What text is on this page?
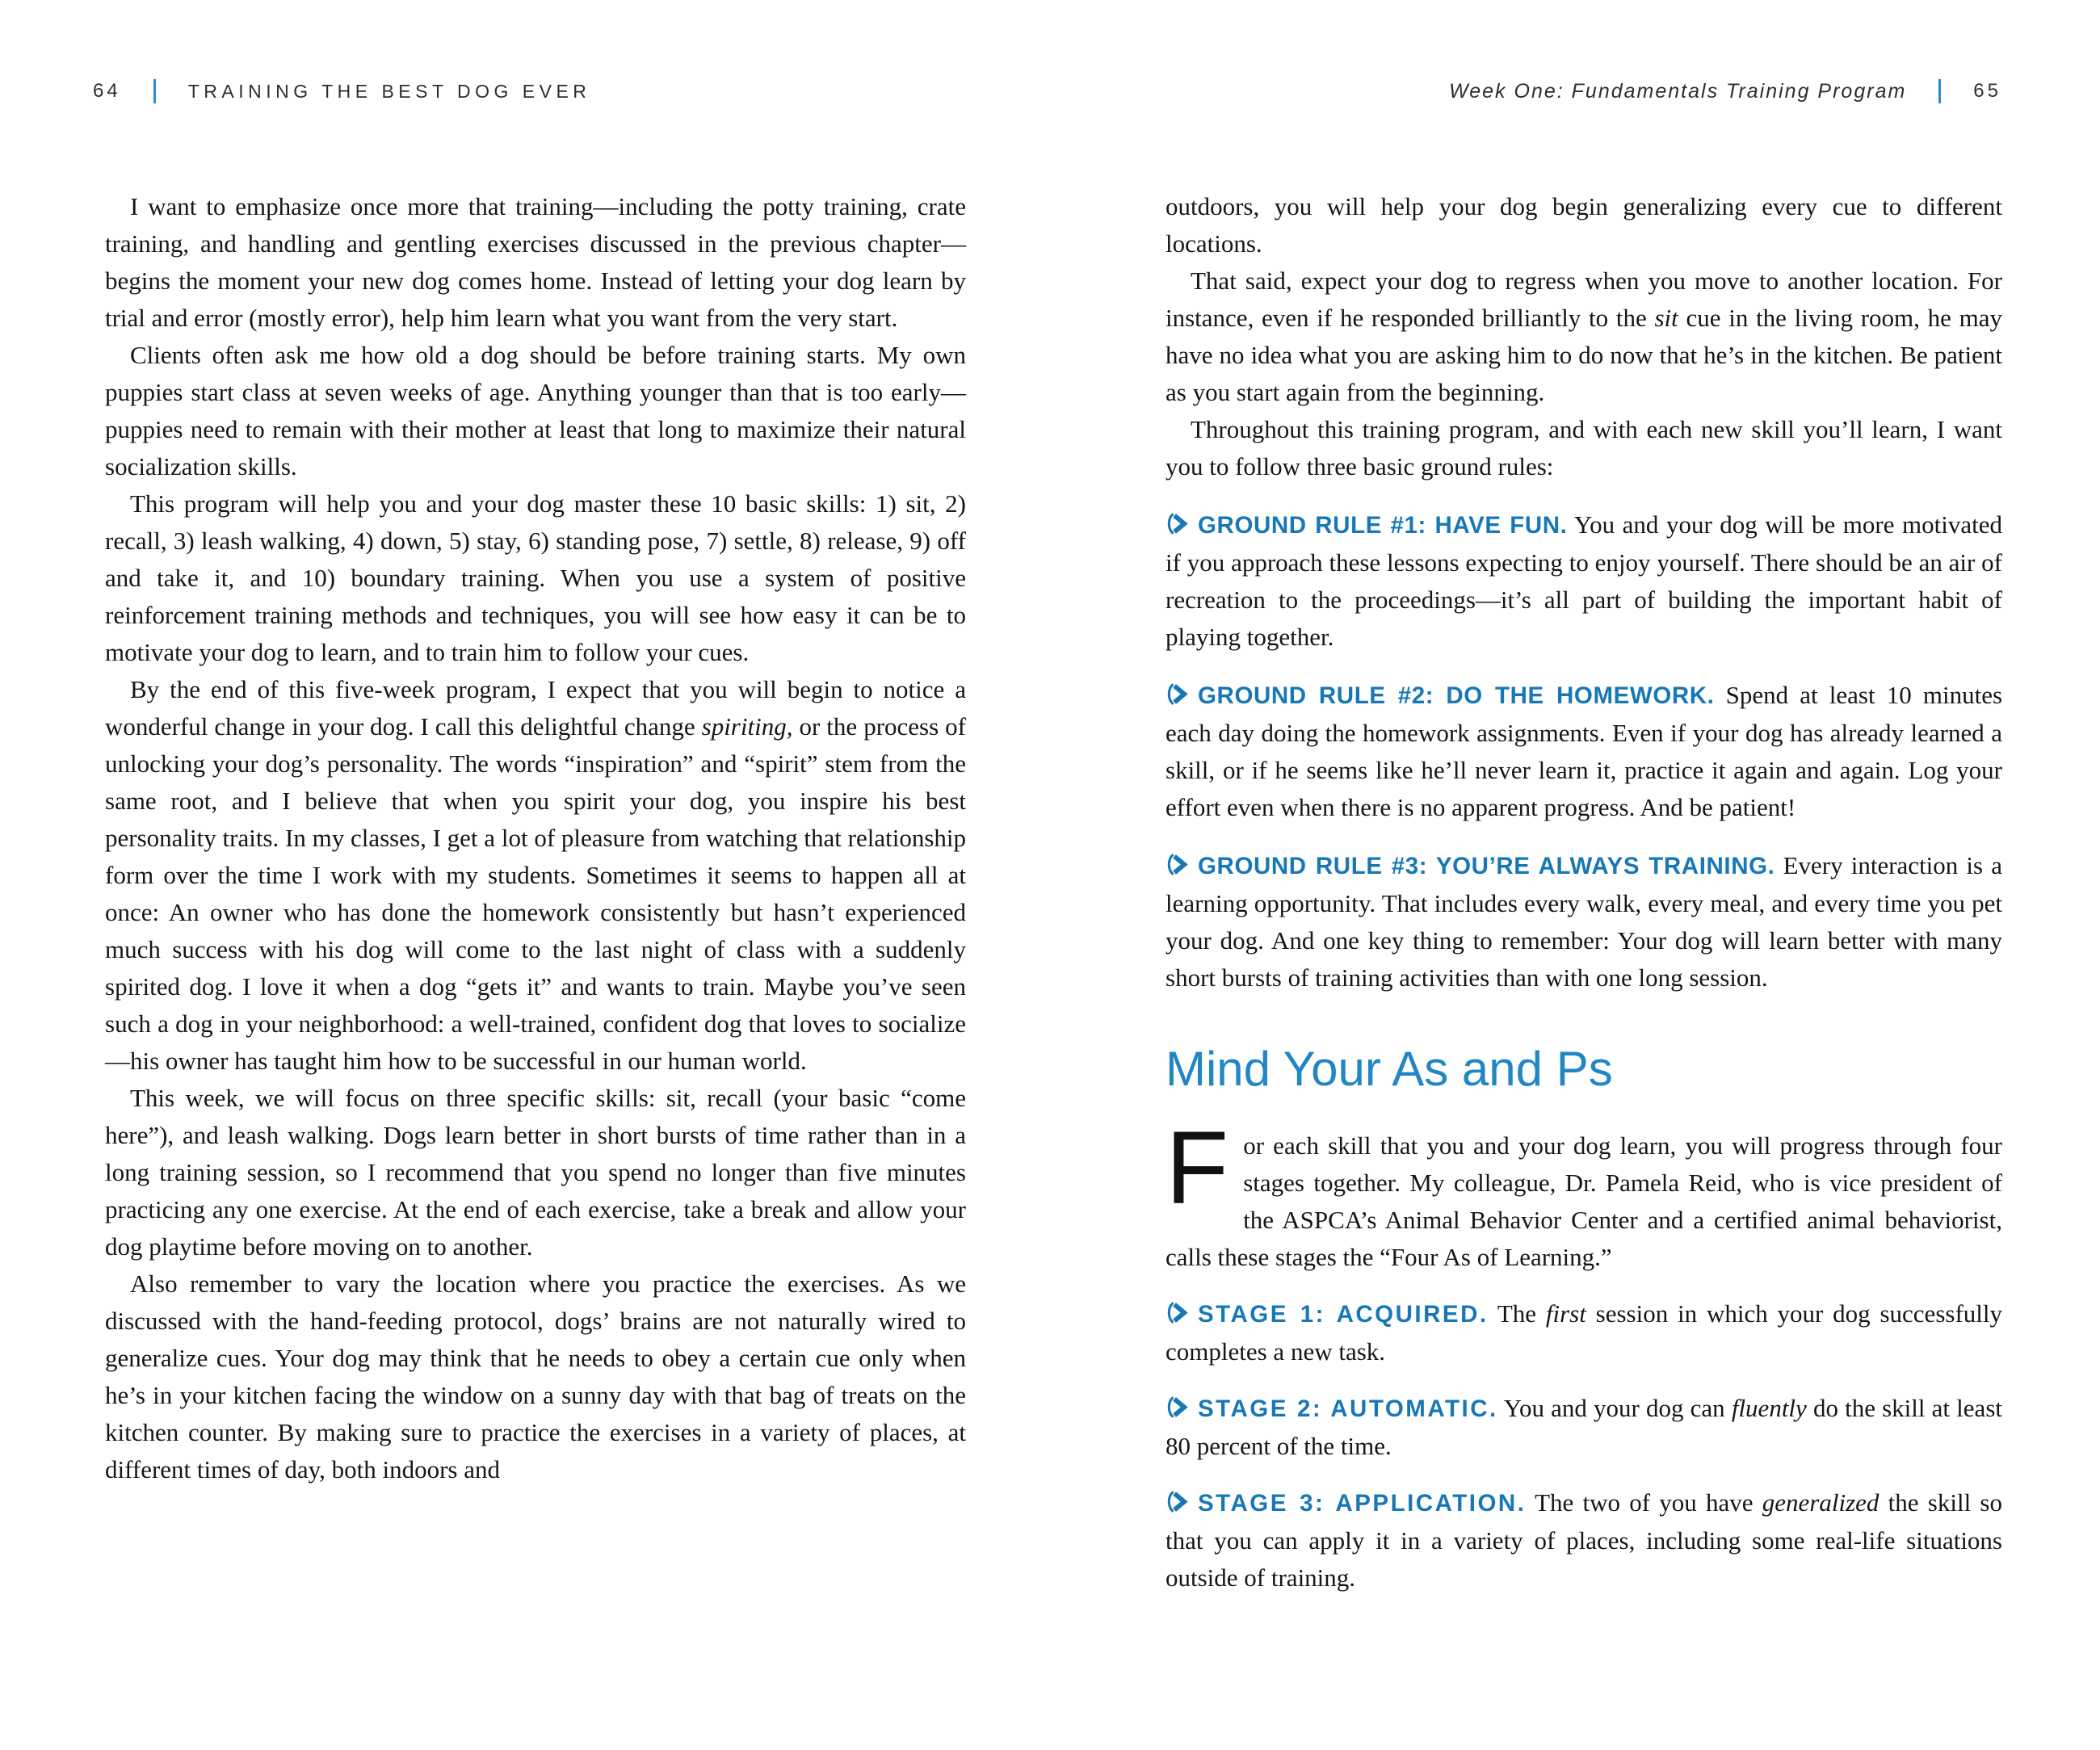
64	TRAINING THE BEST DOG EVER	Week One: Fundamentals Training Program	65

I want to emphasize once more that training—including the potty training, crate training, and handling and gentling exercises discussed in the previous chapter—begins the moment your new dog comes home. Instead of letting your dog learn by trial and error (mostly error), help him learn what you want from the very start.

Clients often ask me how old a dog should be before training starts. My own puppies start class at seven weeks of age. Anything younger than that is too early—puppies need to remain with their mother at least that long to maximize their natural socialization skills.

This program will help you and your dog master these 10 basic skills: 1) sit, 2) recall, 3) leash walking, 4) down, 5) stay, 6) standing pose, 7) settle, 8) release, 9) off and take it, and 10) boundary training. When you use a system of positive reinforcement training methods and techniques, you will see how easy it can be to motivate your dog to learn, and to train him to follow your cues.

By the end of this five-week program, I expect that you will begin to notice a wonderful change in your dog. I call this delightful change spiriting, or the process of unlocking your dog’s personality. The words “inspiration” and “spirit” stem from the same root, and I believe that when you spirit your dog, you inspire his best personality traits. In my classes, I get a lot of pleasure from watching that relationship form over the time I work with my students. Sometimes it seems to happen all at once: An owner who has done the homework consistently but hasn’t experienced much success with his dog will come to the last night of class with a suddenly spirited dog. I love it when a dog “gets it” and wants to train. Maybe you’ve seen such a dog in your neighborhood: a well-trained, confident dog that loves to socialize—his owner has taught him how to be successful in our human world.

This week, we will focus on three specific skills: sit, recall (your basic “come here”), and leash walking. Dogs learn better in short bursts of time rather than in a long training session, so I recommend that you spend no longer than five minutes practicing any one exercise. At the end of each exercise, take a break and allow your dog playtime before moving on to another.

Also remember to vary the location where you practice the exercises. As we discussed with the hand-feeding protocol, dogs’ brains are not naturally wired to generalize cues. Your dog may think that he needs to obey a certain cue only when he’s in your kitchen facing the window on a sunny day with that bag of treats on the kitchen counter. By making sure to practice the exercises in a variety of places, at different times of day, both indoors and

outdoors, you will help your dog begin generalizing every cue to different locations.

That said, expect your dog to regress when you move to another location. For instance, even if he responded brilliantly to the sit cue in the living room, he may have no idea what you are asking him to do now that he’s in the kitchen. Be patient as you start again from the beginning.

Throughout this training program, and with each new skill you’ll learn, I want you to follow three basic ground rules:

GROUND RULE #1: HAVE FUN. You and your dog will be more motivated if you approach these lessons expecting to enjoy yourself. There should be an air of recreation to the proceedings—it’s all part of building the important habit of playing together.

GROUND RULE #2: DO THE HOMEWORK. Spend at least 10 minutes each day doing the homework assignments. Even if your dog has already learned a skill, or if he seems like he’ll never learn it, practice it again and again. Log your effort even when there is no apparent progress. And be patient!

GROUND RULE #3: YOU’RE ALWAYS TRAINING. Every interaction is a learning opportunity. That includes every walk, every meal, and every time you pet your dog. And one key thing to remember: Your dog will learn better with many short bursts of training activities than with one long session.

Mind Your As and Ps

For each skill that you and your dog learn, you will progress through four stages together. My colleague, Dr. Pamela Reid, who is vice president of the ASPCA’s Animal Behavior Center and a certified animal behaviorist, calls these stages the “Four As of Learning.”

STAGE 1: ACQUIRED. The first session in which your dog successfully completes a new task.

STAGE 2: AUTOMATIC. You and your dog can fluently do the skill at least 80 percent of the time.

STAGE 3: APPLICATION. The two of you have generalized the skill so that you can apply it in a variety of places, including some real-life situations outside of training.
